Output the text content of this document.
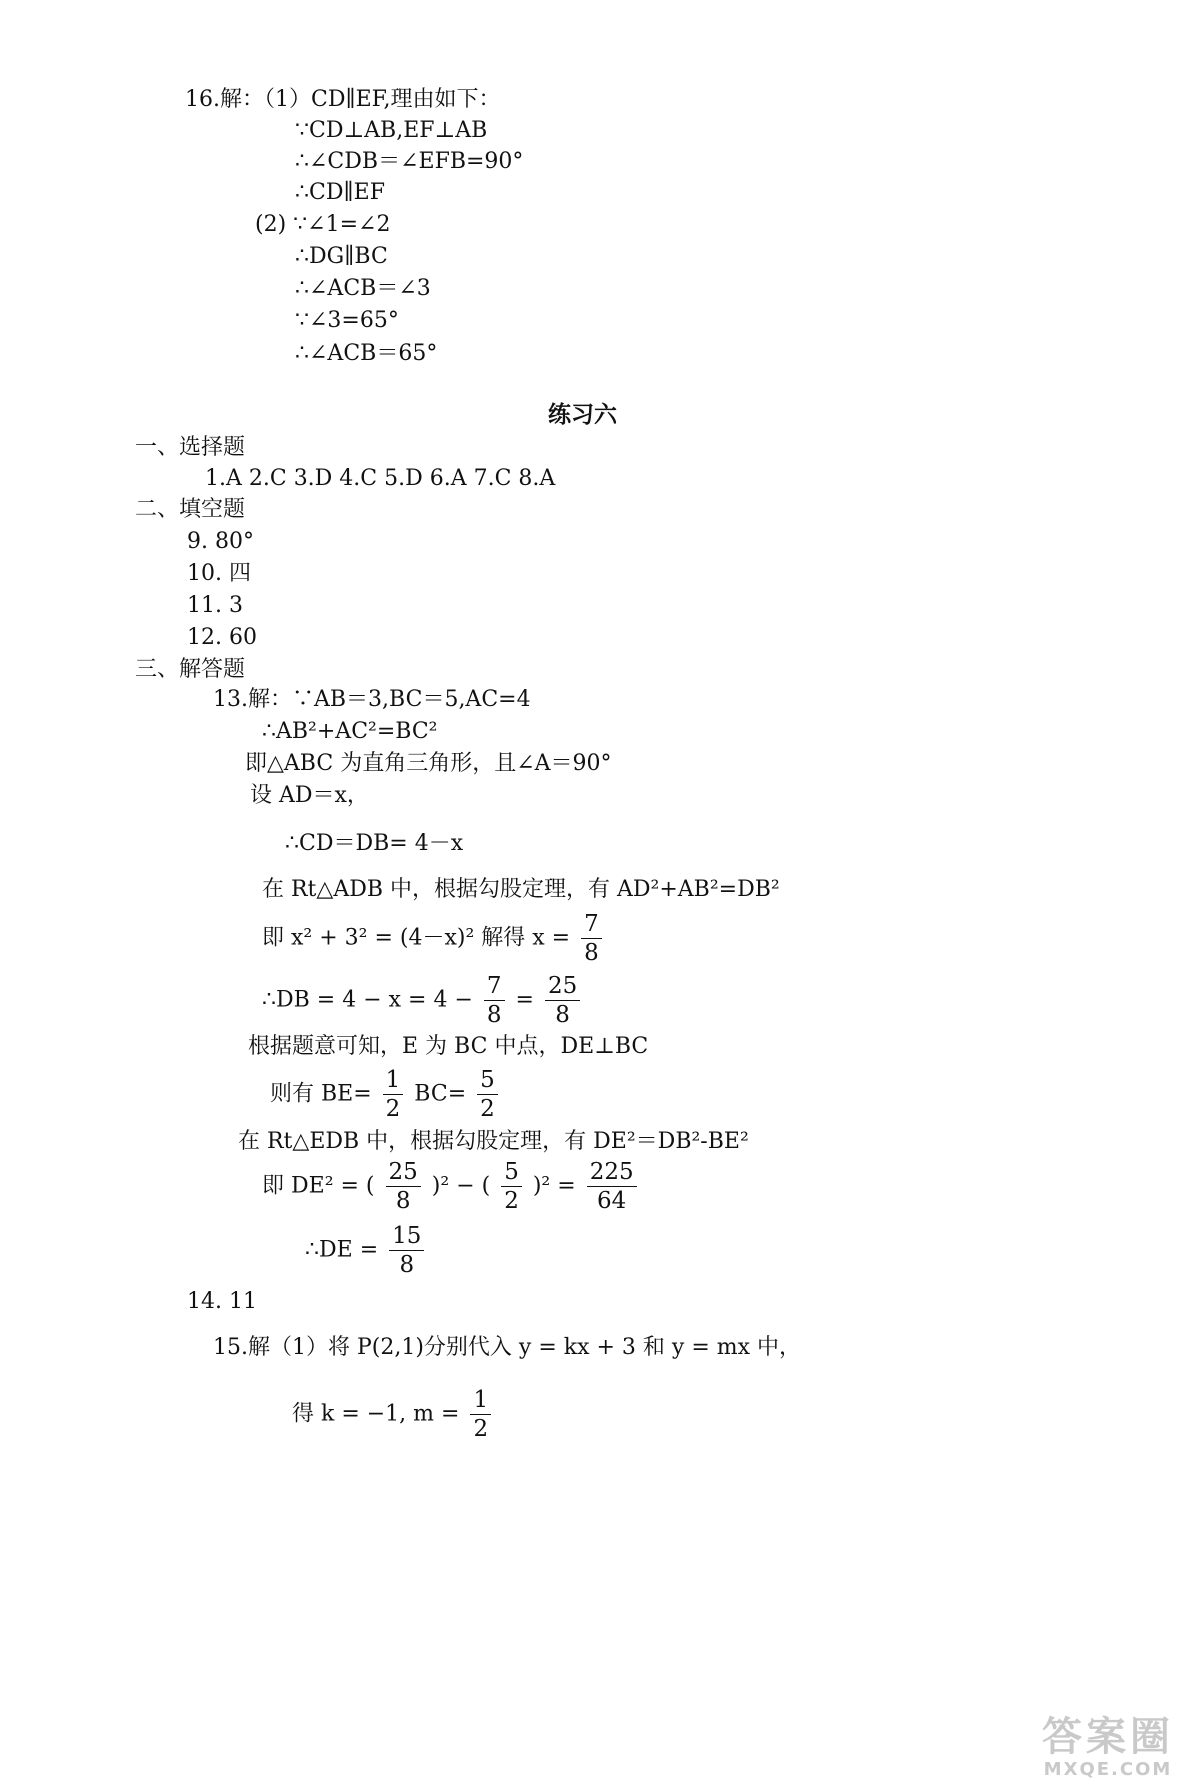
16.解：（1）CD∥EF,理由如下：
∵CD⊥AB,EF⊥AB
∴∠CDB＝∠EFB=90°
∴CD∥EF
(2) ∵∠1=∠2
∴DG∥BC
∴∠ACB＝∠3
∵∠3=65°
∴∠ACB＝65°
练习六
一、选择题
1.A 2.C 3.D 4.C 5.D 6.A 7.C 8.A
二、填空题
9. 80°
10. 四
11. 3
12. 60
三、解答题
13.解：∵AB＝3,BC＝5,AC=4
∴AB²+AC²=BC²
即△ABC 为直角三角形，且∠A＝90°
设 AD＝x，
∴CD＝DB= 4－x
在 Rt△ADB 中，根据勾股定理，有 AD²+AB²=DB²
即 x² + 3² = (4－x)² 解得 $x = \frac{7}{8}$
∴DB = $4 - x = 4 - \frac{7}{8} = \frac{25}{8}$
根据题意可知，E 为 BC 中点，DE⊥BC
则有 $BE= \frac{1}{2} BC= \frac{5}{2}$
在 Rt△EDB 中，根据勾股定理，有 DE²＝DB²-BE²
即 DE² = ( $\frac{25}{8} )^2$ − ( $\frac{5}{2} )^2 = \frac{225}{64}$
∴DE = $\frac{15}{8}$
14. 11
15.解（1）将 P(2,1)分别代入 y = kx + 3 和 y = mx 中，
得 k = −1, $m = \frac{1}{2}$
答案圈
MXQE.COM
